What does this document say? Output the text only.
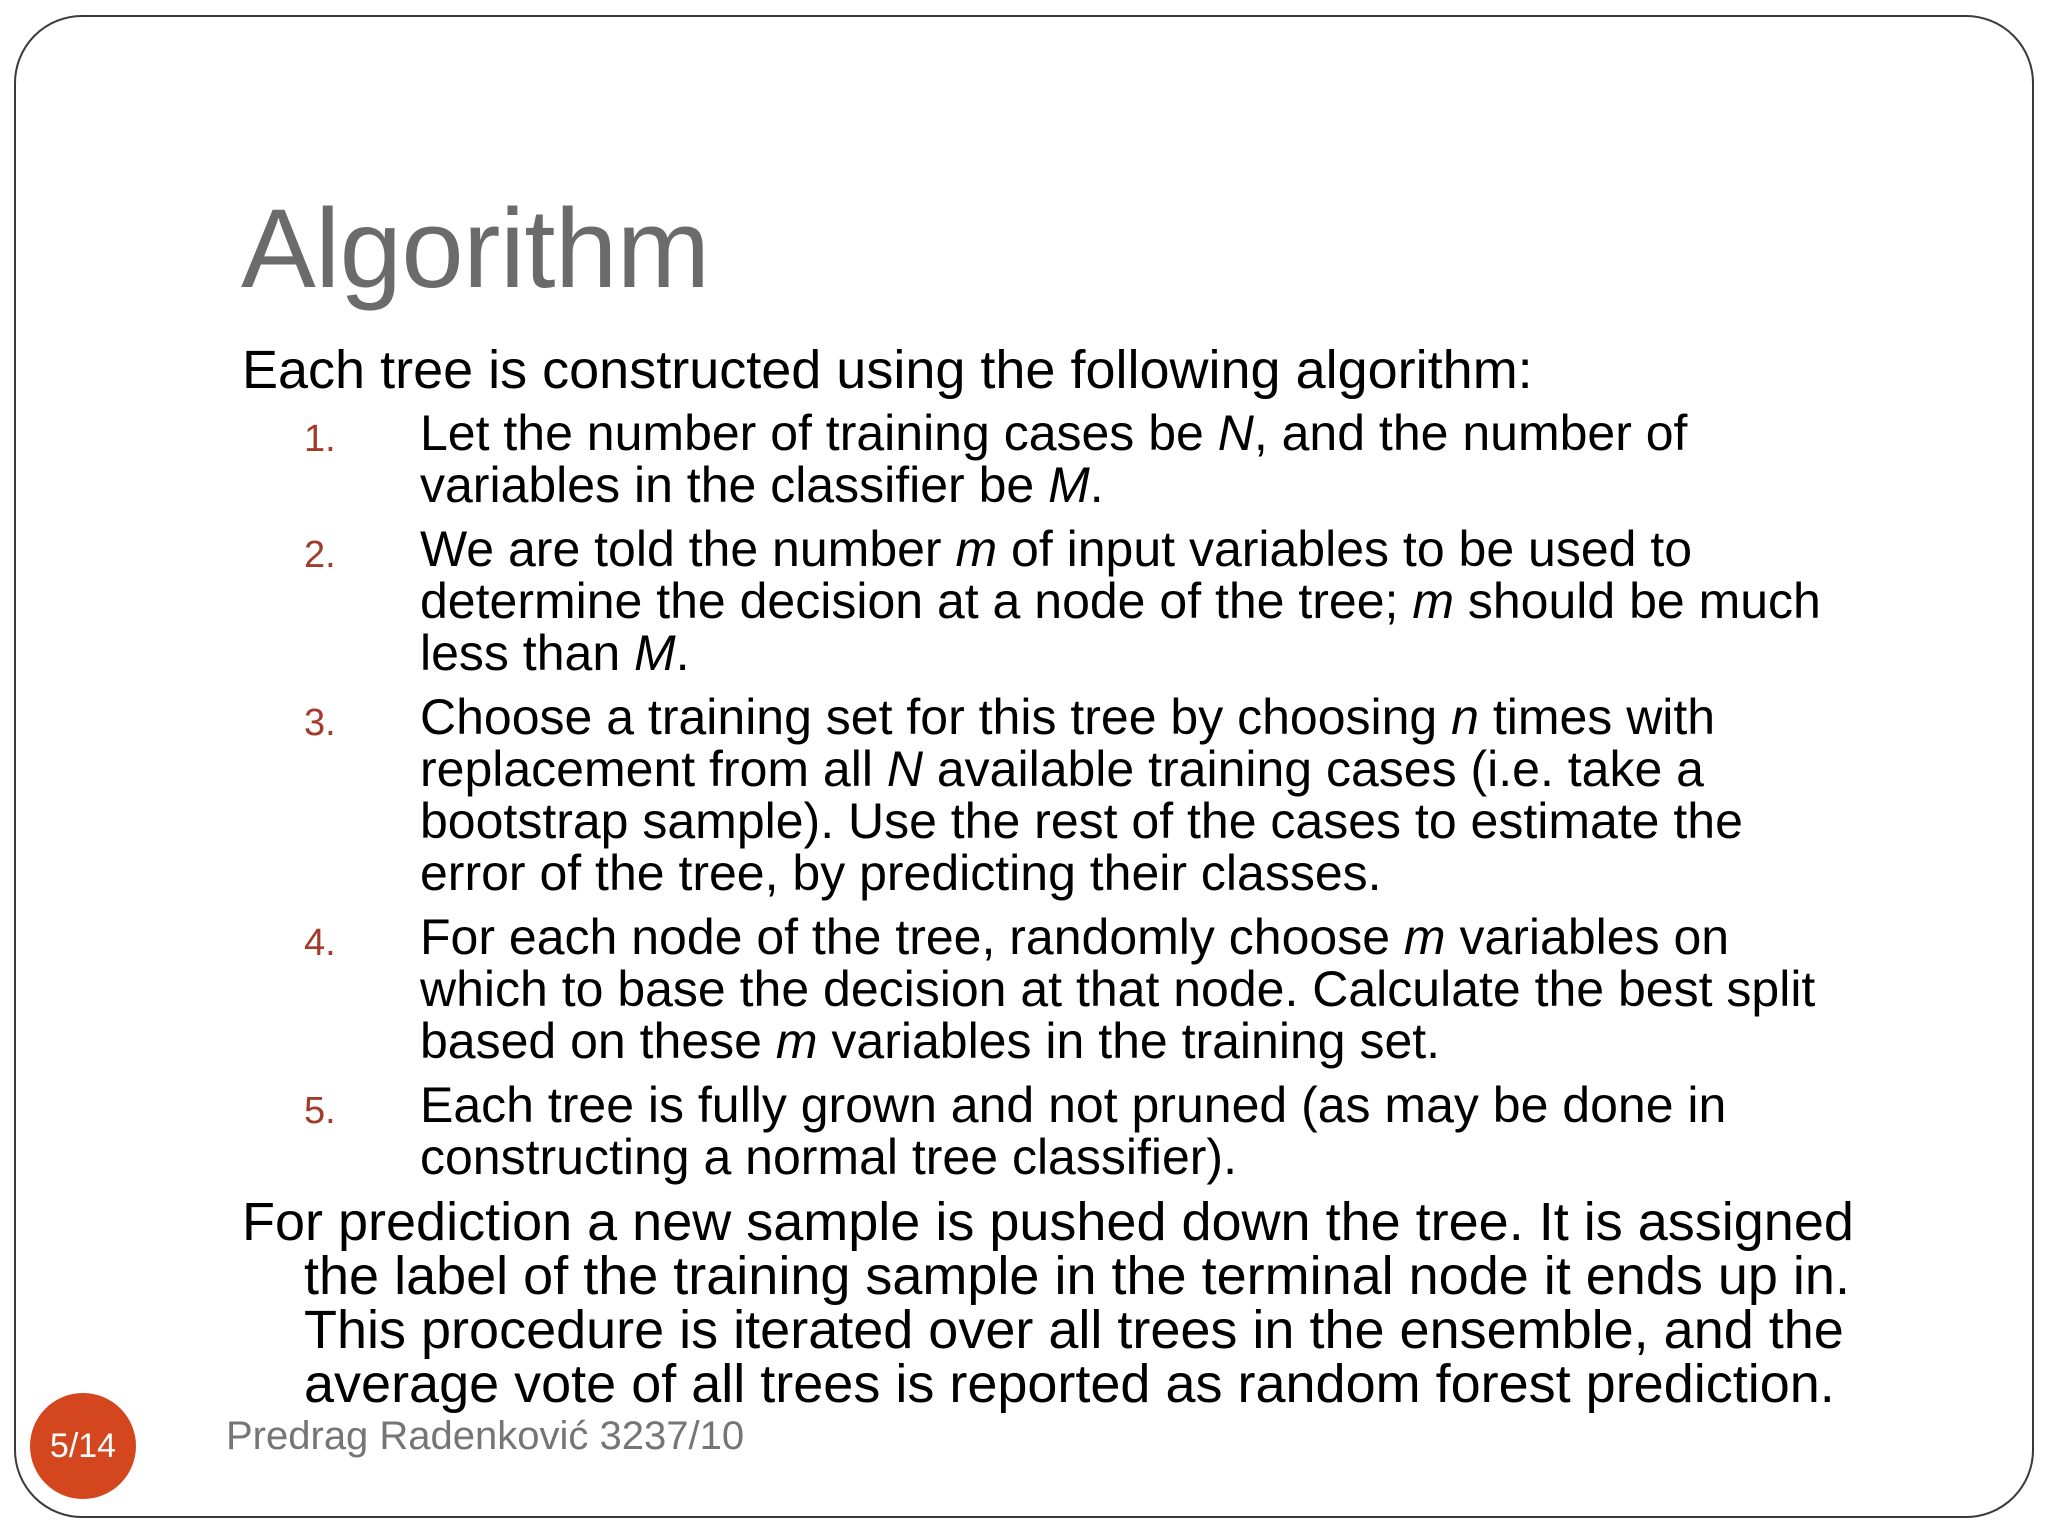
Algorithm

Each tree is constructed using the following algorithm:

1. Let the number of training cases be N, and the number of
variables in the classifier be M.
2. We are told the number m of input variables to be used to
determine the decision at a node of the tree; m should be much
less than M.
3. Choose a training set for this tree by choosing n times with
replacement from all N available training cases (i.e. take a
bootstrap sample). Use the rest of the cases to estimate the
error of the tree, by predicting their classes.
4. For each node of the tree, randomly choose m variables on
which to base the decision at that node. Calculate the best split
based on these m variables in the training set.
5. Each tree is fully grown and not pruned (as may be done in
constructing a normal tree classifier).
For prediction a new sample is pushed down the tree. It is assigned
the label of the training sample in the terminal node it ends up in.
This procedure is iterated over all trees in the ensemble, and the
average vote of all trees is reported as random forest prediction.
5/14	Predrag Radenković 3237/10
